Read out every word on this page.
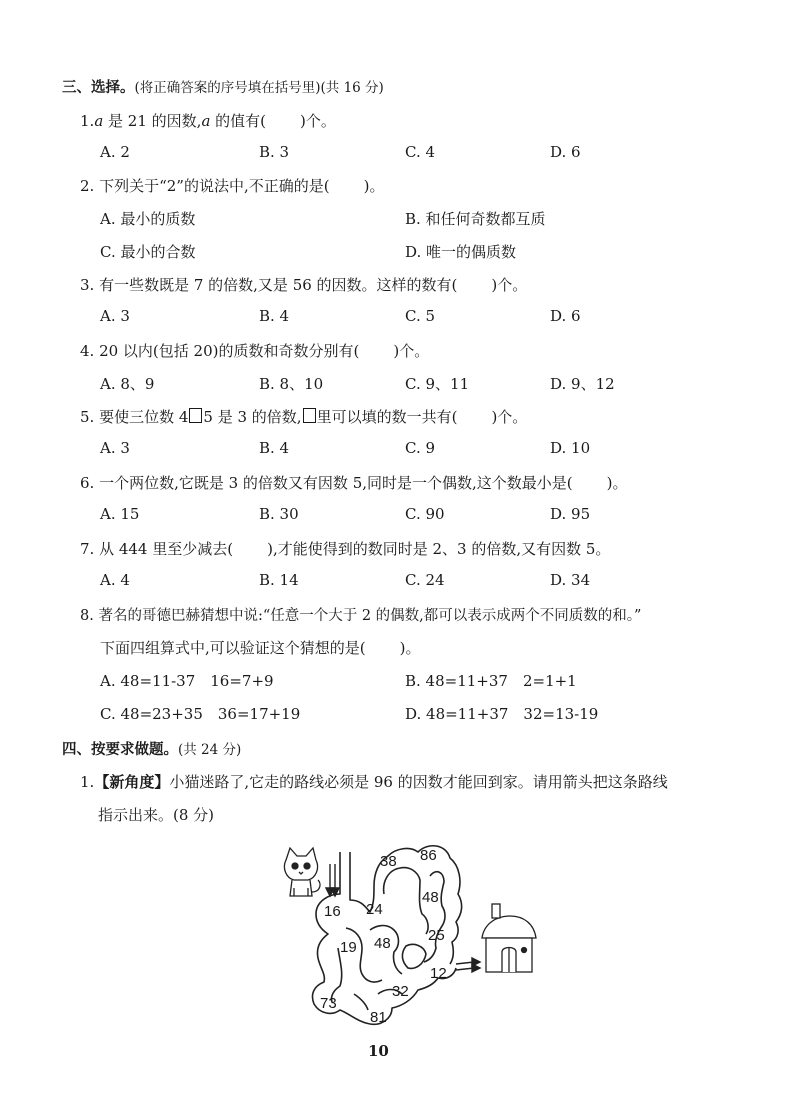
三、选择。(将正确答案的序号填在括号里)(共 16 分)
1.a 是 21 的因数,a 的值有( )个。
A. 2	B. 3	C. 4	D. 6
2. 下列关于“2”的说法中,不正确的是( )。
A. 最小的质数	B. 和任何奇数都互质
C. 最小的合数	D. 唯一的偶质数
3. 有一些数既是 7 的倍数,又是 56 的因数。这样的数有( )个。
A. 3	B. 4	C. 5	D. 6
4. 20 以内(包括 20)的质数和奇数分别有( )个。
A. 8、9	B. 8、10	C. 9、11	D. 9、12
5. 要使三位数 4 5 是 3 的倍数, 里可以填的数一共有( )个。
A. 3	B. 4	C. 9	D. 10
6. 一个两位数,它既是 3 的倍数又有因数 5,同时是一个偶数,这个数最小是( )。
A. 15	B. 30	C. 90	D. 95
7. 从 444 里至少减去( ),才能使得到的数同时是 2、3 的倍数,又有因数 5。
A. 4	B. 14	C. 24	D. 34
8. 著名的哥德巴赫猜想中说:“任意一个大于 2 的偶数,都可以表示成两个不同质数的和。”
下面四组算式中,可以验证这个猜想的是( )。
A. 48=11-37　16=7+9	B. 48=11+37　2=1+1
C. 48=23+35　36=17+19	D. 48=11+37　32=13-19
四、按要求做题。(共 24 分)
1.【新角度】小猫迷路了,它走的路线必须是 96 的因数才能回到家。请用箭头把这条路线
指示出来。(8 分)
86
38
48
16 24
25
19 48
12
32
73
81
10
